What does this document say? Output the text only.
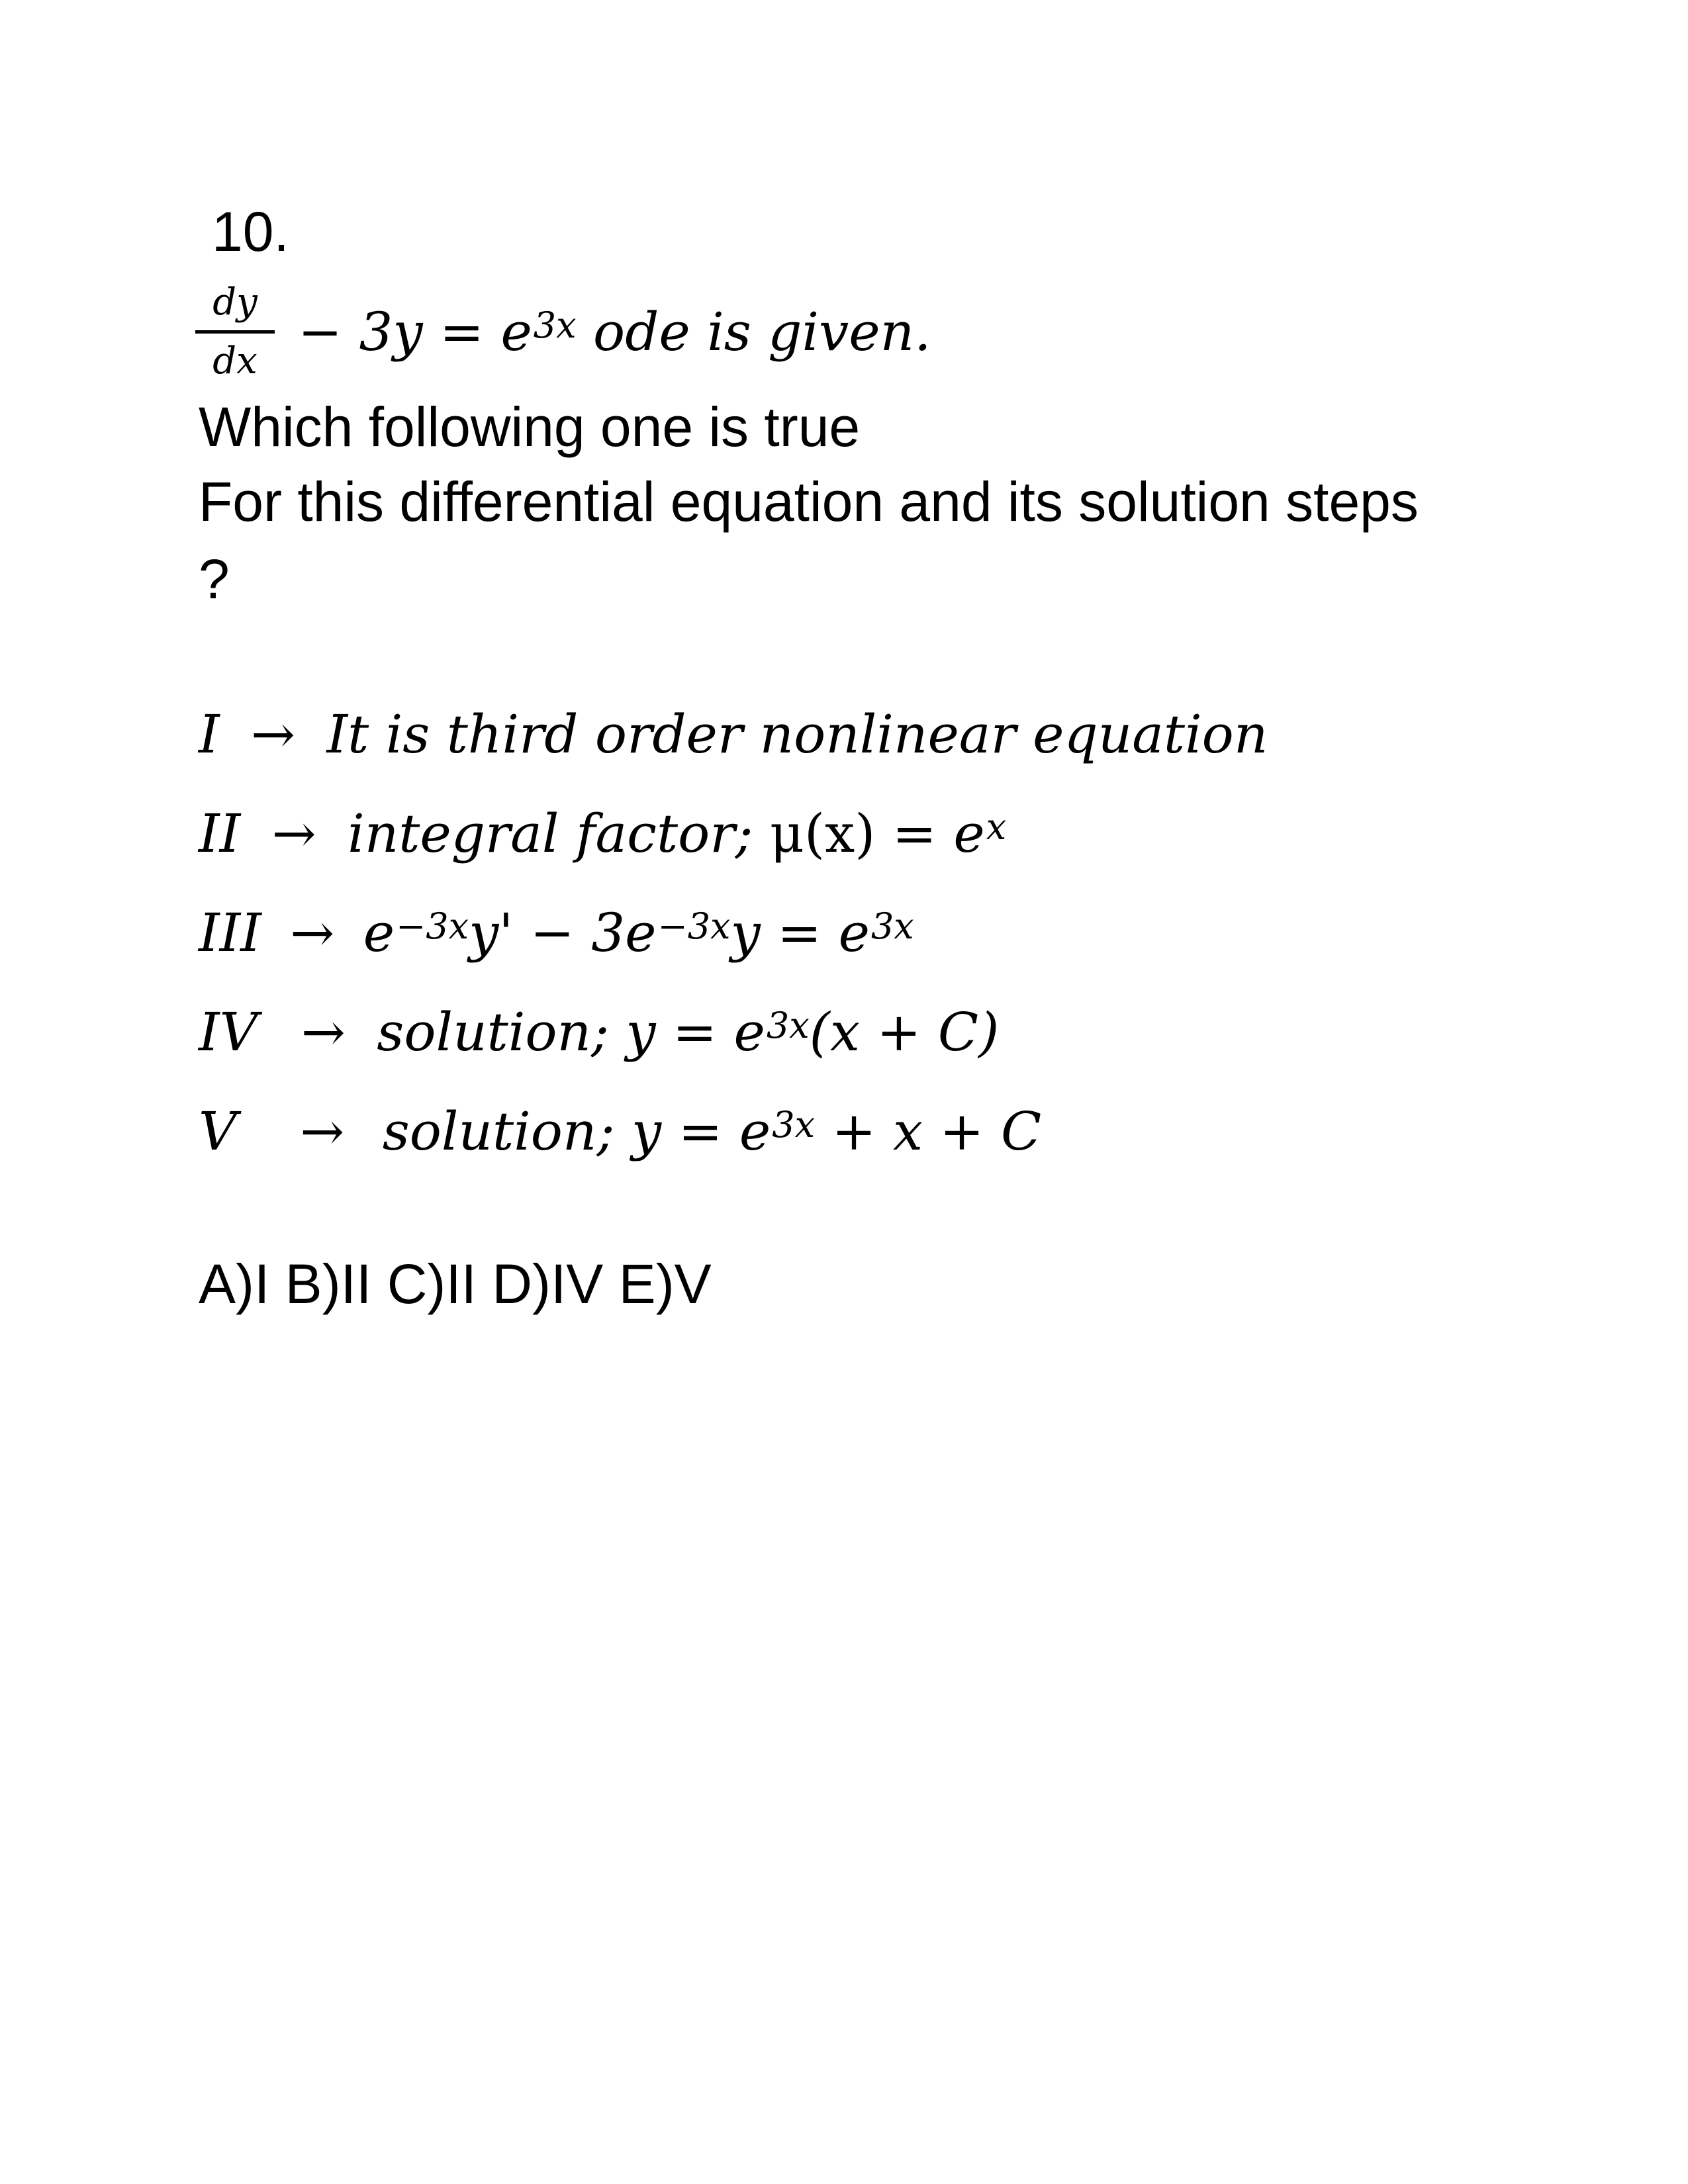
10.
dy
dx − $3y = e^{3x}$ ode is given.
Which following one is true
For this differential equation and its solution steps
?
I → It is third order nonlinear equation
II → integral factor; $\mu(x) = e^x$
III → $e^{-3x}y' - 3e^{-3x}y = e^{3x}$
IV → solution; $y = e^{3x}(x + C)$
V → solution; $y = e^{3x} + x + C$
A)I B)II C)II D)IV E)V
